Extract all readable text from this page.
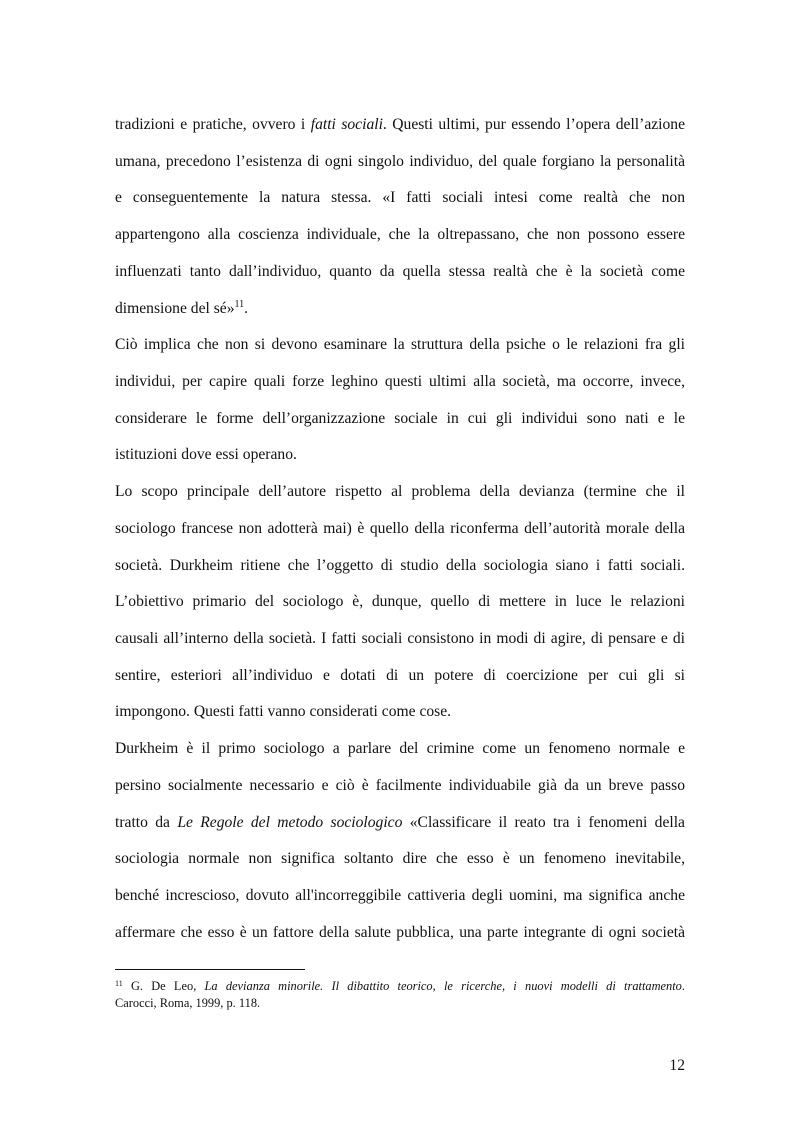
tradizioni e pratiche, ovvero i fatti sociali. Questi ultimi, pur essendo l’opera dell’azione
umana, precedono l’esistenza di ogni singolo individuo, del quale forgiano la personalità
e conseguentemente la natura stessa. «I fatti sociali intesi come realtà che non
appartengono alla coscienza individuale, che la oltrepassano, che non possono essere
influenzati tanto dall’individuo, quanto da quella stessa realtà che è la società come
dimensione del sé»$^{11}$.
Ciò implica che non si devono esaminare la struttura della psiche o le relazioni fra gli
individui, per capire quali forze leghino questi ultimi alla società, ma occorre, invece,
considerare le forme dell’organizzazione sociale in cui gli individui sono nati e le
istituzioni dove essi operano.
Lo scopo principale dell’autore rispetto al problema della devianza (termine che il
sociologo francese non adotterà mai) è quello della riconferma dell’autorità morale della
società. Durkheim ritiene che l’oggetto di studio della sociologia siano i fatti sociali.
L’obiettivo primario del sociologo è, dunque, quello di mettere in luce le relazioni
causali all’interno della società. I fatti sociali consistono in modi di agire, di pensare e di
sentire, esteriori all’individuo e dotati di un potere di coercizione per cui gli si
impongono. Questi fatti vanno considerati come cose.
Durkheim è il primo sociologo a parlare del crimine come un fenomeno normale e
persino socialmente necessario e ciò è facilmente individuabile già da un breve passo
tratto da Le Regole del metodo sociologico «Classificare il reato tra i fenomeni della
sociologia normale non significa soltanto dire che esso è un fenomeno inevitabile,
benché increscioso, dovuto all'incorreggibile cattiveria degli uomini, ma significa anche
affermare che esso è un fattore della salute pubblica, una parte integrante di ogni società
$^{11}$ G. De Leo, La devianza minorile. Il dibattito teorico, le ricerche, i nuovi modelli di trattamento.
Carocci, Roma, 1999, p. 118.
12
